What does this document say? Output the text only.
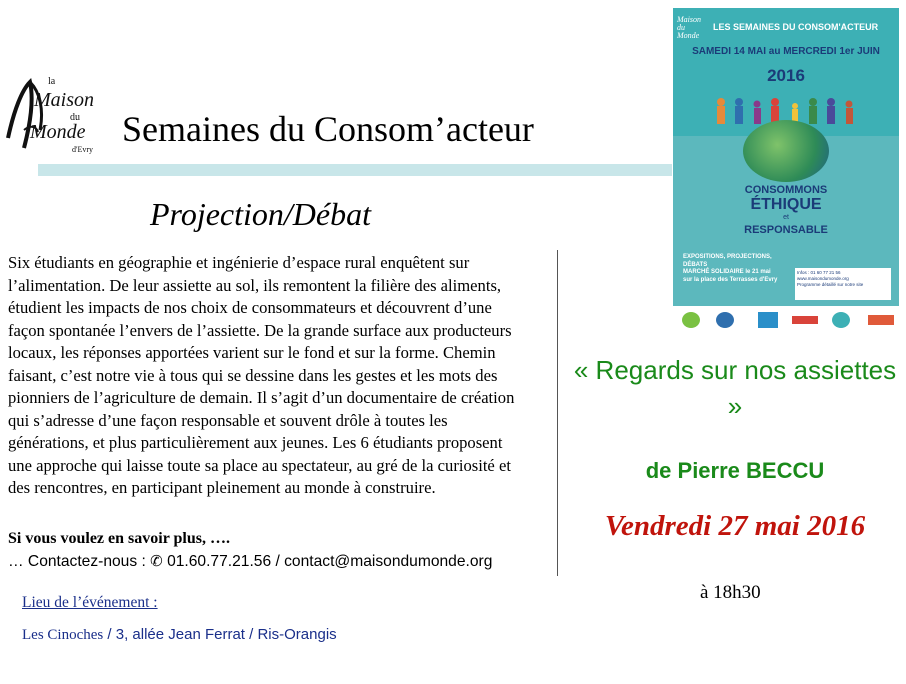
la
Maison
du
Monde
d'Evry
Semaines du Consom’acteur
Projection/Débat
Six étudiants en géographie et ingénierie d’espace rural enquêtent sur l’alimentation. De leur assiette au sol, ils remontent la filière des aliments, étudient les impacts de nos choix de consommateurs et découvrent d’une façon spontanée l’envers de l’assiette. De la grande surface aux producteurs locaux, les réponses apportées varient sur le fond et sur la forme. Chemin faisant, c’est notre vie à tous qui se dessine dans les gestes et les mots des pionniers de l’agriculture de demain. Il s’agit d’un documentaire de création qui s’adresse d’une façon responsable et souvent drôle à toutes les générations, et plus particulièrement aux jeunes. Les 6 étudiants proposent une approche qui laisse toute sa place au spectateur, au gré de la curiosité et des rencontres, en participant pleinement au monde à construire.
Si vous voulez en savoir plus, ….
… Contactez-nous : ✆ 01.60.77.21.56 / contact@maisondumonde.org
Lieu de l’événement :
Les Cinoches / 3, allée Jean Ferrat / Ris-Orangis
« Regards sur nos assiettes »
de Pierre BECCU
Vendredi 27 mai 2016
à 18h30
Maison du Monde
LES SEMAINES DU CONSOM'ACTEUR
SAMEDI 14 MAI au MERCREDI 1er JUIN
2016
CONSOMMONS
ÉTHIQUE
et
RESPONSABLE
EXPOSITIONS, PROJECTIONS, DÉBATS
MARCHÉ SOLIDAIRE le 21 mai
sur la place des Terrasses d'Evry
Infos : 01 60 77 21 56
www.maisondumonde.org
Programme détaillé sur notre site
